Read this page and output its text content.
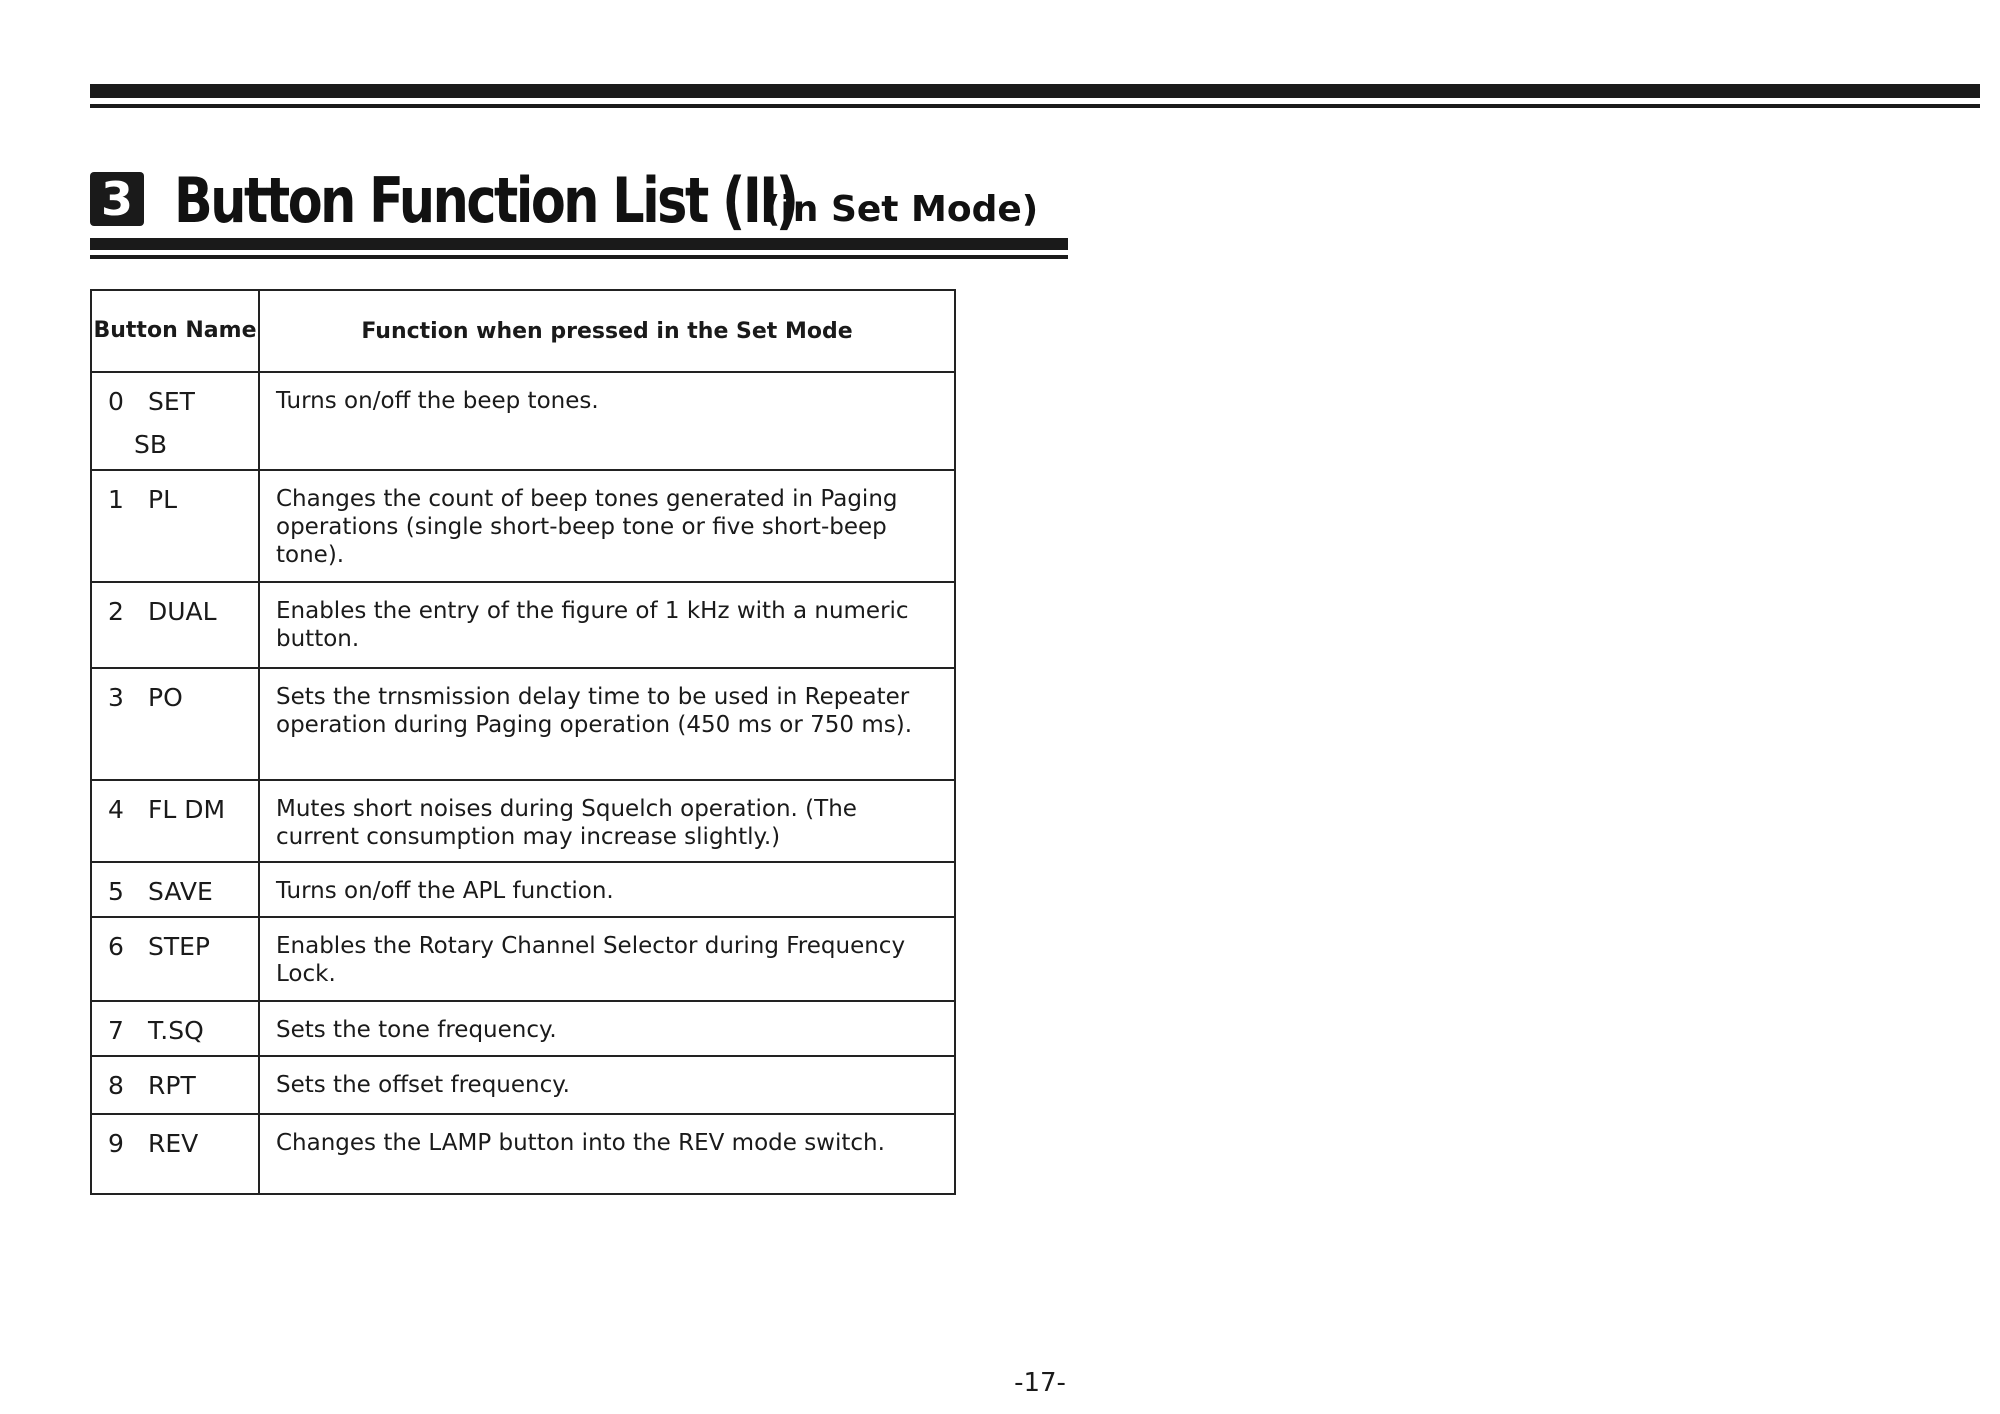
3 Button Function List (II)
(in Set Mode)
Button Name	Function when pressed in the Set Mode
0 SET
SB	Turns on/off the beep tones.
1 PL	Changes the count of beep tones generated in Paging operations (single short-beep tone or five short-beep tone).
2 DUAL	Enables the entry of the figure of 1 kHz with a numeric button.
3 PO	Sets the trnsmission delay time to be used in Repeater operation during Paging operation (450 ms or 750 ms).
4 FL DM	Mutes short noises during Squelch operation. (The current consumption may increase slightly.)
5 SAVE	Turns on/off the APL function.
6 STEP	Enables the Rotary Channel Selector during Frequency Lock.
7 T.SQ	Sets the tone frequency.
8 RPT	Sets the offset frequency.
9 REV	Changes the LAMP button into the REV mode switch.
-17-
